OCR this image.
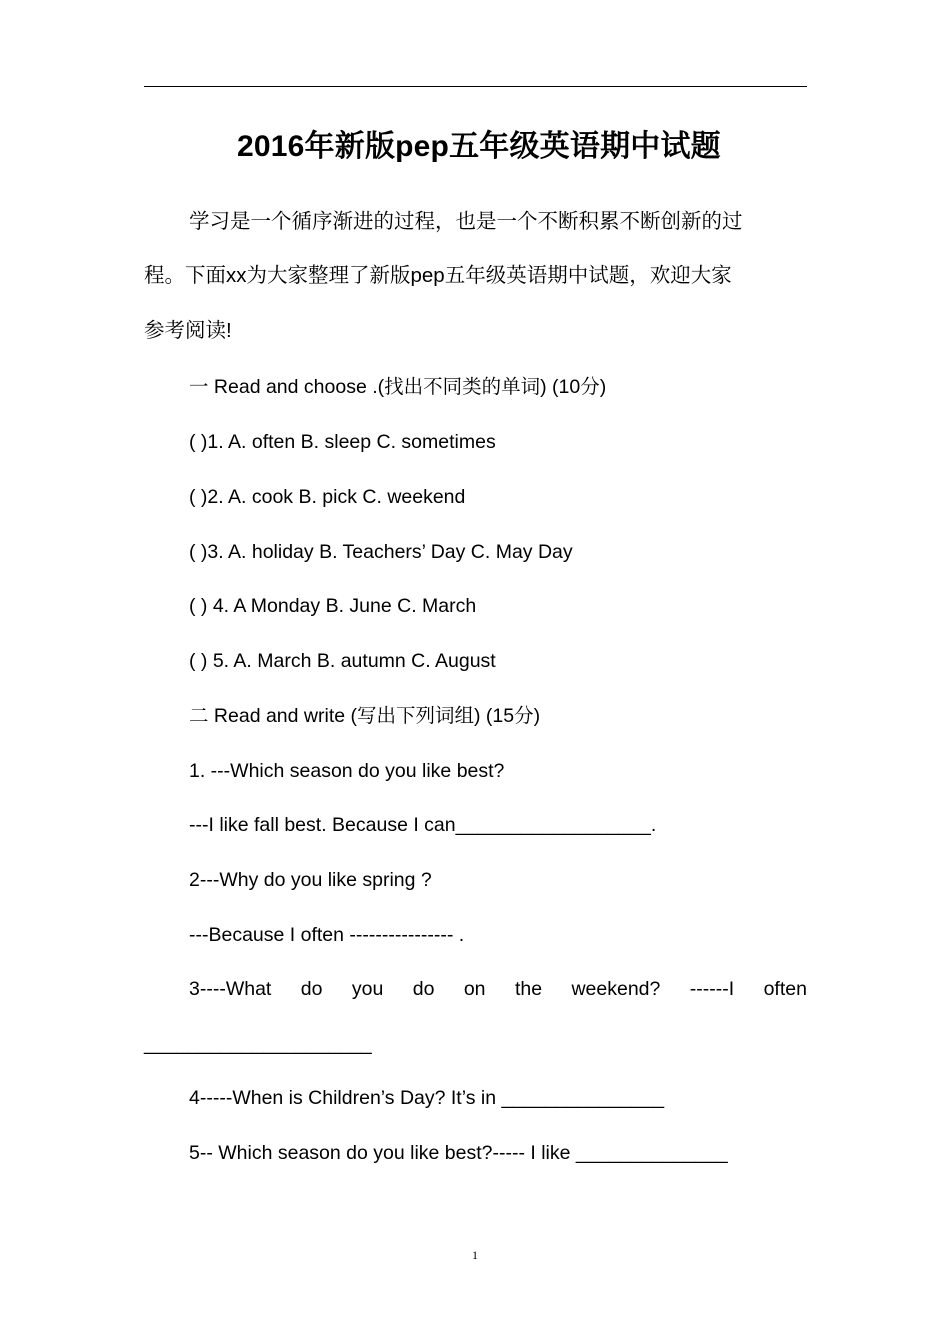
2016年新版pep五年级英语期中试题
学习是一个循序渐进的过程，也是一个不断积累不断创新的过
程。下面xx为大家整理了新版pep五年级英语期中试题，欢迎大家
参考阅读!
一 Read and choose .(找出不同类的单词) (10分)
( )1. A. often B. sleep C. sometimes
( )2. A. cook B. pick C. weekend
( )3. A. holiday B. Teachers’ Day C. May Day
( ) 4. A Monday B. June C. March
( ) 5. A. March B. autumn C. August
二 Read and write (写出下列词组) (15分)
1. ---Which season do you like best?
---I like fall best. Because I can__________________.
2---Why do you like spring ?
---Because I often ---------------- .
3----What do you do on the weekend? ------I often
_____________________
4-----When is Children’s Day? It’s in _______________
5-- Which season do you like best?----- I like ______________
1
